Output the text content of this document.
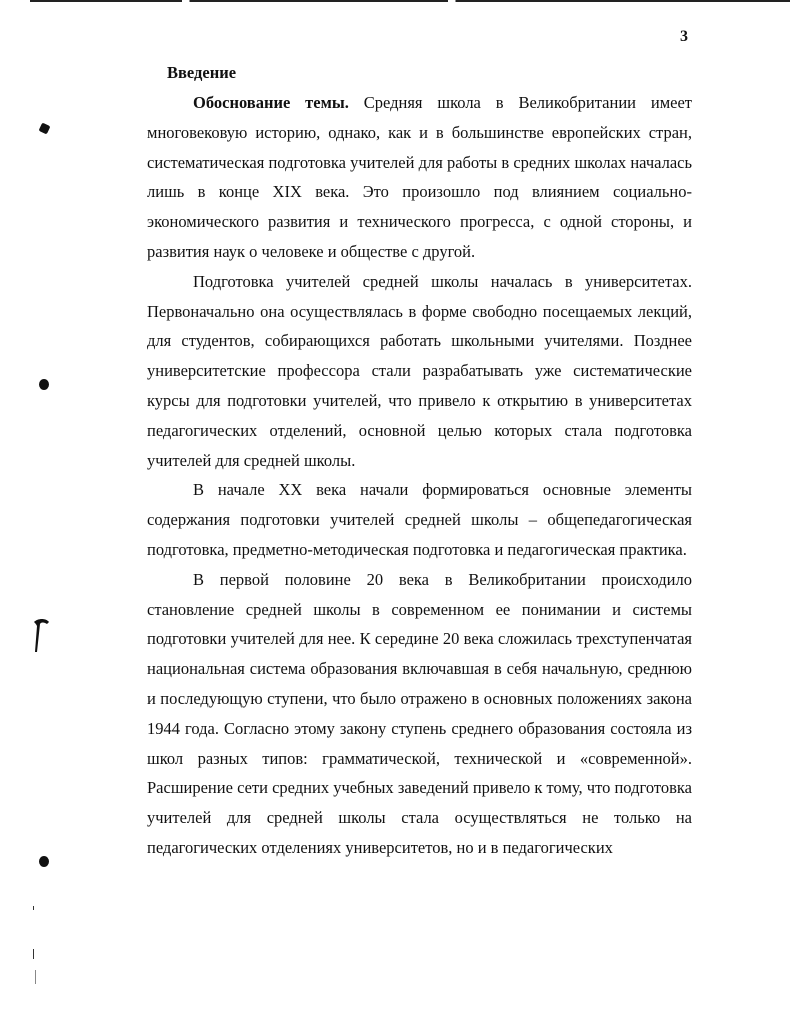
3
Введение

Обоснование темы. Средняя школа в Великобритании имеет многовековую историю, однако, как и в большинстве европейских стран, систематическая подготовка учителей для работы в средних школах началась лишь в конце XIX века. Это произошло под влиянием социально-экономического развития и технического прогресса, с одной стороны, и развития наук о человеке и обществе с другой.

Подготовка учителей средней школы началась в университетах. Первоначально она осуществлялась в форме свободно посещаемых лекций, для студентов, собирающихся работать школьными учителями. Позднее университетские профессора стали разрабатывать уже систематические курсы для подготовки учителей, что привело к открытию в университетах педагогических отделений, основной целью которых стала подготовка учителей для средней школы.

В начале XX века начали формироваться основные элементы содержания подготовки учителей средней школы – общепедагогическая подготовка, предметно-методическая подготовка и педагогическая практика.

В первой половине 20 века в Великобритании происходило становление средней школы в современном ее понимании и системы подготовки учителей для нее. К середине 20 века сложилась трехступенчатая национальная система образования включавшая в себя начальную, среднюю и последующую ступени, что было отражено в основных положениях закона 1944 года. Согласно этому закону ступень среднего образования состояла из школ разных типов: грамматической, технической и «современной». Расширение сети средних учебных заведений привело к тому, что подготовка учителей для средней школы стала осуществляться не только на педагогических отделениях университетов, но и в педагогических
